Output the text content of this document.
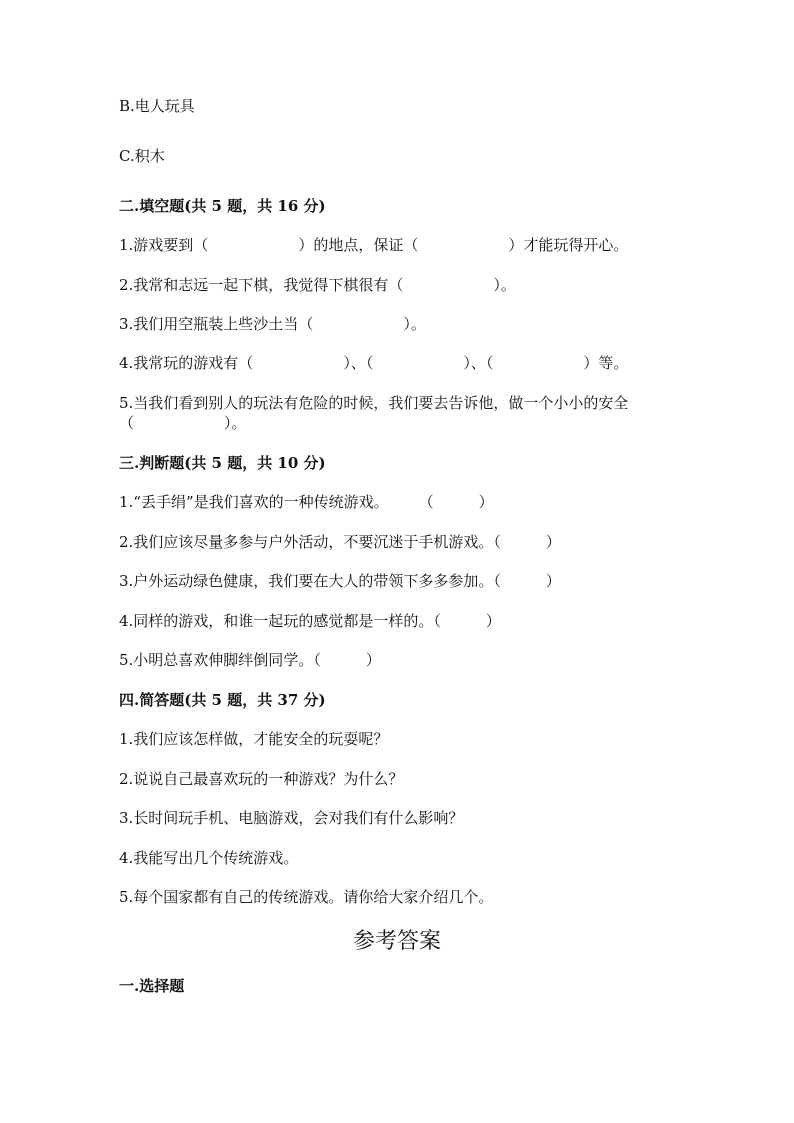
B.电人玩具
C.积木
二.填空题(共 5 题，共 16 分)
1.游戏要到（　　　　　　）的地点，保证（　　　　　　）才能玩得开心。
2.我常和志远一起下棋，我觉得下棋很有（　　　　　　）。
3.我们用空瓶装上些沙土当（　　　　　　）。
4.我常玩的游戏有（　　　　　　）、（　　　　　　）、（　　　　　　）等。
5.当我们看到别人的玩法有危险的时候，我们要去告诉他，做一个小小的安全
（　　　　　　）。
三.判断题(共 5 题，共 10 分)
1.“丢手绢”是我们喜欢的一种传统游戏。　　　（　　　）
2.我们应该尽量多参与户外活动，不要沉迷于手机游戏。（　　　）
3.户外运动绿色健康，我们要在大人的带领下多多参加。（　　　）
4.同样的游戏，和谁一起玩的感觉都是一样的。（　　　）
5.小明总喜欢伸脚绊倒同学。（　　　）
四.简答题(共 5 题，共 37 分)
1.我们应该怎样做，才能安全的玩耍呢？
2.说说自己最喜欢玩的一种游戏？为什么？
3.长时间玩手机、电脑游戏，会对我们有什么影响？
4.我能写出几个传统游戏。
5.每个国家都有自己的传统游戏。请你给大家介绍几个。
参考答案
一.选择题
